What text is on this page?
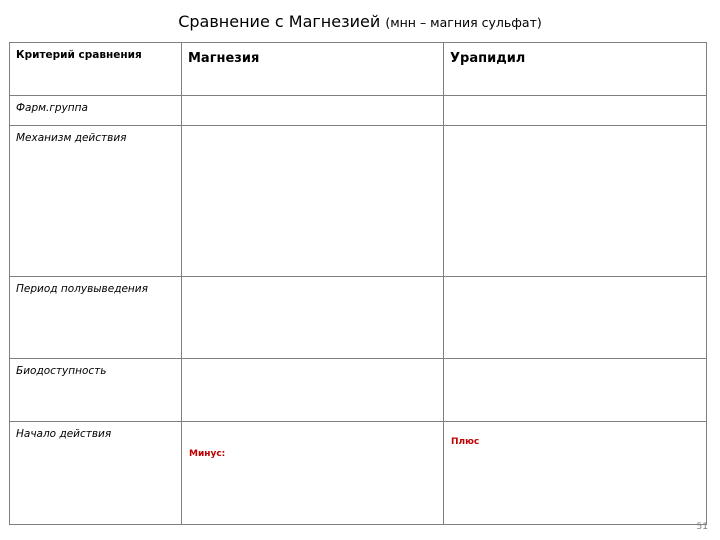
Сравнение с Магнезией (мнн – магния сульфат)
Критерий сравнения	Магнезия	Урапидил

Фарм.группа		

Механизм действия		

Период полувыведения		

Биодоступность		

Начало действия	Минус:	Плюс
51
